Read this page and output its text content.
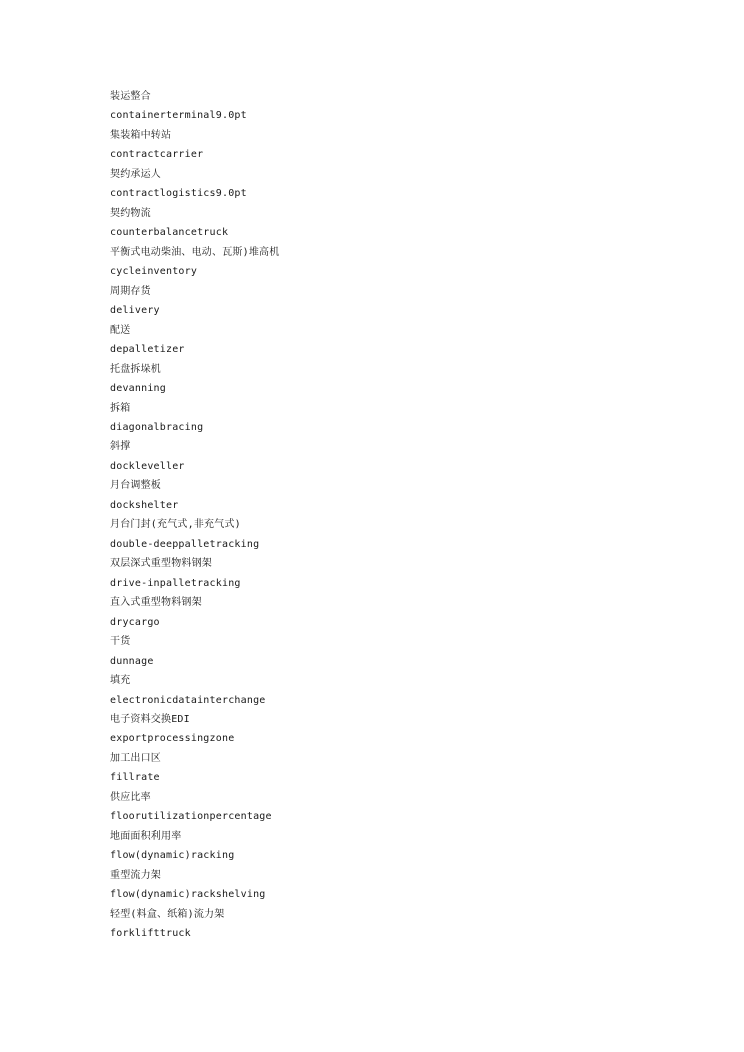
装运整合
containerterminal9.0pt
集装箱中转站
contractcarrier
契约承运人
contractlogistics9.0pt
契约物流
counterbalancetruck
平衡式电动柴油、电动、瓦斯)堆高机
cycleinventory
周期存货
delivery
配送
depalletizer
托盘拆垛机
devanning
拆箱
diagonalbracing
斜撑
dockleveller
月台调整板
dockshelter
月台门封(充气式,非充气式)
double-deeppalletracking
双层深式重型物料钢架
drive-inpalletracking
直入式重型物料钢架
drycargo
干货
dunnage
填充
electronicdatainterchange
电子资料交换EDI
exportprocessingzone
加工出口区
fillrate
供应比率
floorutilizationpercentage
地面面积利用率
flow(dynamic)racking
重型流力架
flow(dynamic)rackshelving
轻型(料盒、纸箱)流力架
forklifttruck
